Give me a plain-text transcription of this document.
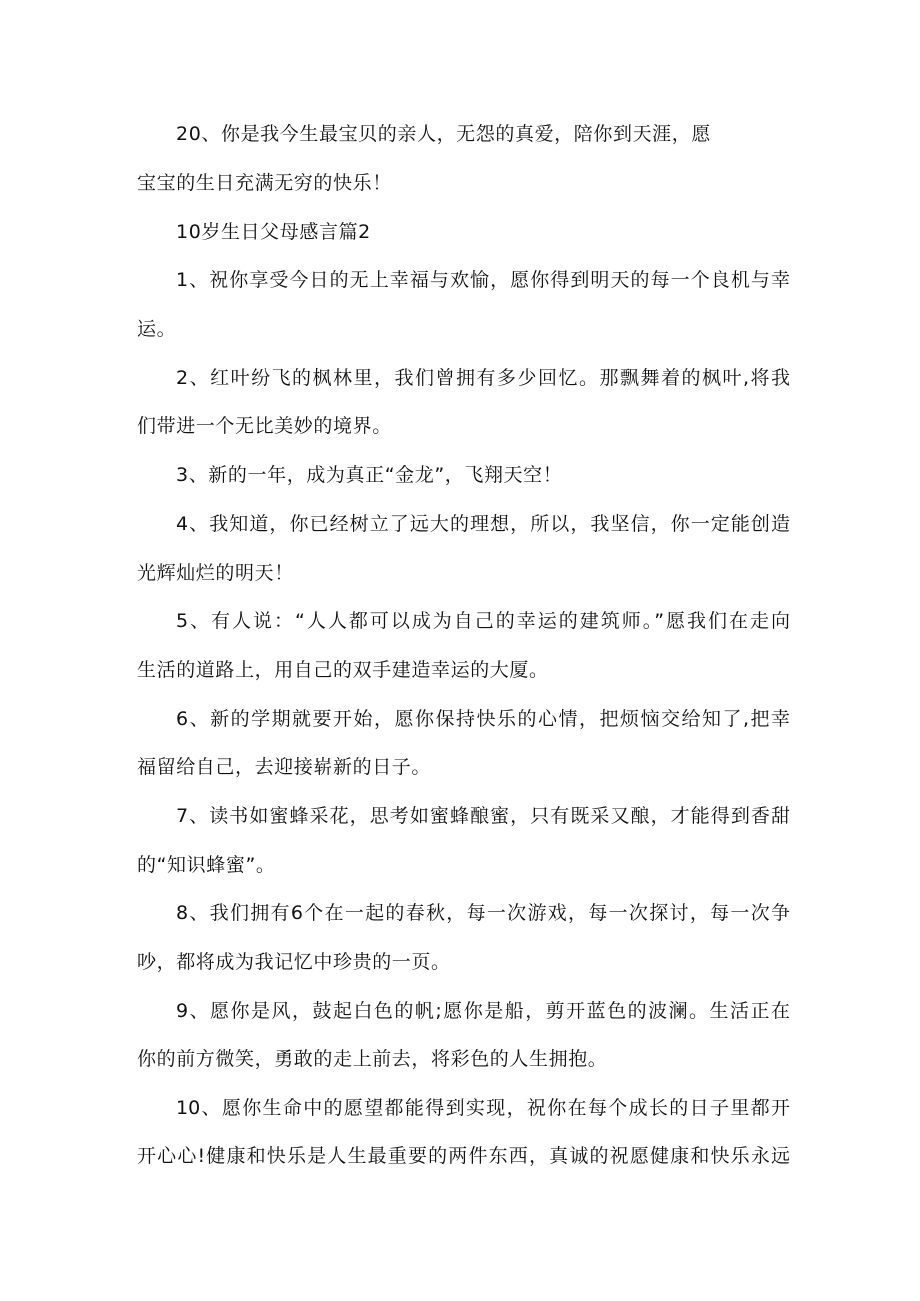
20、你是我今生最宝贝的亲人，无怨的真爱，陪你到天涯，愿
宝宝的生日充满无穷的快乐！
10岁生日父母感言篇2
1、祝你享受今日的无上幸福与欢愉，愿你得到明天的每一个良机与幸
运。
2、红叶纷飞的枫林里，我们曾拥有多少回忆。那飘舞着的枫叶,将我
们带进一个无比美妙的境界。
3、新的一年，成为真正“金龙”，飞翔天空！
4、我知道，你已经树立了远大的理想，所以，我坚信，你一定能创造
光辉灿烂的明天！
5、有人说：“人人都可以成为自己的幸运的建筑师。”愿我们在走向
生活的道路上，用自己的双手建造幸运的大厦。
6、新的学期就要开始，愿你保持快乐的心情，把烦恼交给知了,把幸
福留给自己，去迎接崭新的日子。
7、读书如蜜蜂采花，思考如蜜蜂酿蜜，只有既采又酿，才能得到香甜
的“知识蜂蜜”。
8、我们拥有6个在一起的春秋，每一次游戏，每一次探讨，每一次争
吵，都将成为我记忆中珍贵的一页。
9、愿你是风，鼓起白色的帆;愿你是船，剪开蓝色的波澜。生活正在
你的前方微笑，勇敢的走上前去，将彩色的人生拥抱。
10、愿你生命中的愿望都能得到实现，祝你在每个成长的日子里都开
开心心!健康和快乐是人生最重要的两件东西，真诚的祝愿健康和快乐永远
